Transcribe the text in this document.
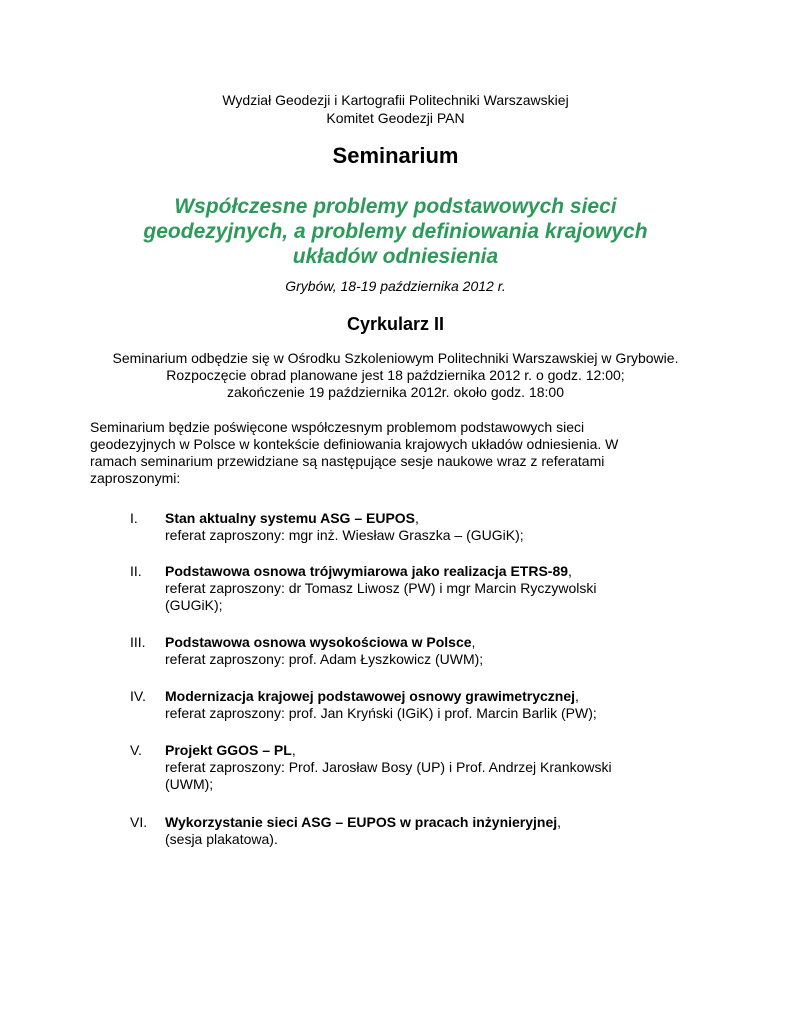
Wydział Geodezji i Kartografii Politechniki Warszawskiej
Komitet Geodezji PAN
Seminarium
Współczesne problemy podstawowych sieci
geodezyjnych, a problemy definiowania krajowych
układów odniesienia
Grybów, 18-19 października 2012 r.
Cyrkularz II
Seminarium odbędzie się w Ośrodku Szkoleniowym Politechniki Warszawskiej w Grybowie.
Rozpoczęcie obrad planowane jest 18 października 2012 r. o godz. 12:00;
zakończenie 19 października 2012r. około godz. 18:00
Seminarium będzie poświęcone współczesnym problemom podstawowych sieci
geodezyjnych w Polsce w kontekście definiowania krajowych układów odniesienia. W
ramach seminarium przewidziane są następujące sesje naukowe wraz z referatami
zaproszonymi:
I. Stan aktualny systemu ASG – EUPOS,
referat zaproszony: mgr inż. Wiesław Graszka – (GUGiK);
II. Podstawowa osnowa trójwymiarowa jako realizacja ETRS-89,
referat zaproszony: dr Tomasz Liwosz (PW) i mgr Marcin Ryczywolski
(GUGiK);
III. Podstawowa osnowa wysokościowa w Polsce,
referat zaproszony: prof. Adam Łyszkowicz (UWM);
IV. Modernizacja krajowej podstawowej osnowy grawimetrycznej,
referat zaproszony: prof. Jan Kryński (IGiK) i prof. Marcin Barlik (PW);
V. Projekt GGOS – PL,
referat zaproszony: Prof. Jarosław Bosy (UP) i Prof. Andrzej Krankowski
(UWM);
VI. Wykorzystanie sieci ASG – EUPOS w pracach inżynieryjnej,
(sesja plakatowa).
